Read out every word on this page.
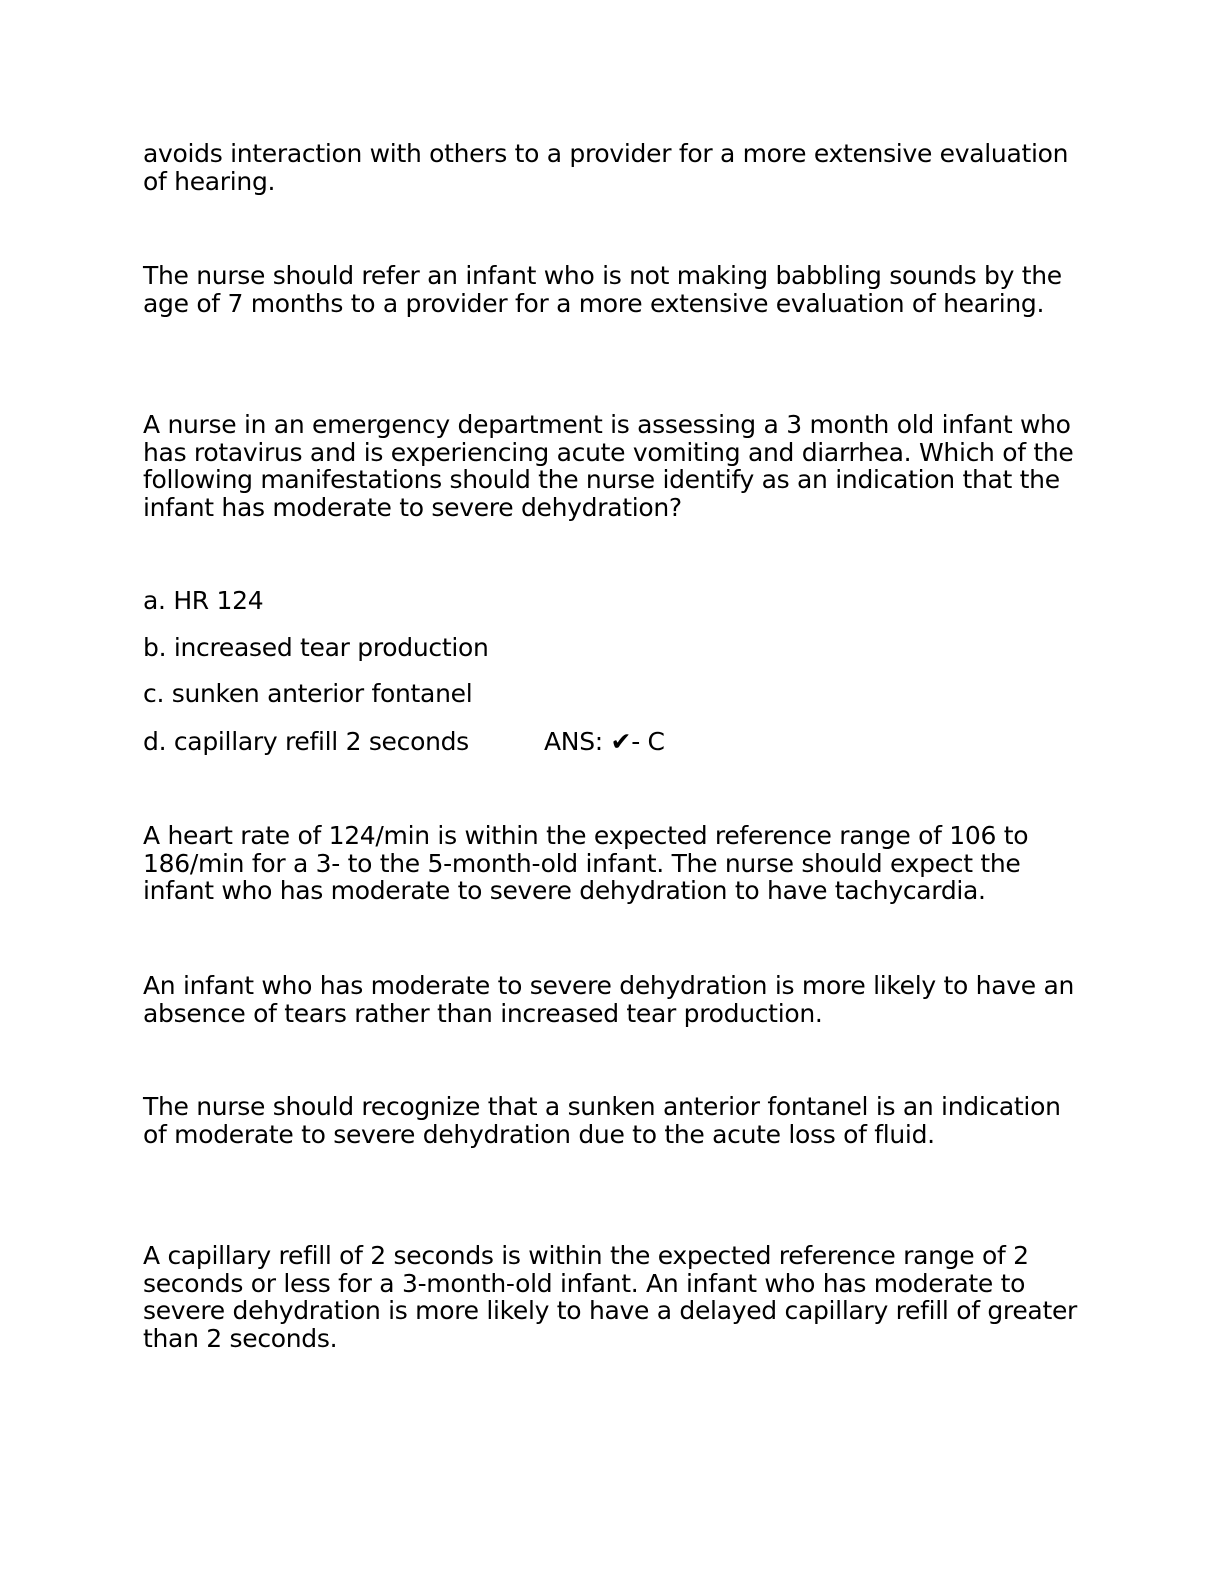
avoids interaction with others to a provider for a more extensive evaluation of hearing.

The nurse should refer an infant who is not making babbling sounds by the age of 7 months to a provider for a more extensive evaluation of hearing.

A nurse in an emergency department is assessing a 3 month old infant who has rotavirus and is experiencing acute vomiting and diarrhea. Which of the following manifestations should the nurse identify as an indication that the infant has moderate to severe dehydration?

a. HR 124

b. increased tear production

c. sunken anterior fontanel

d. capillary refill 2 seconds	ANS: ✔- C

A heart rate of 124/min is within the expected reference range of 106 to 186/min for a 3- to the 5-month-old infant. The nurse should expect the infant who has moderate to severe dehydration to have tachycardia.

An infant who has moderate to severe dehydration is more likely to have an absence of tears rather than increased tear production.

The nurse should recognize that a sunken anterior fontanel is an indication of moderate to severe dehydration due to the acute loss of fluid.

A capillary refill of 2 seconds is within the expected reference range of 2 seconds or less for a 3-month-old infant. An infant who has moderate to severe dehydration is more likely to have a delayed capillary refill of greater than 2 seconds.
